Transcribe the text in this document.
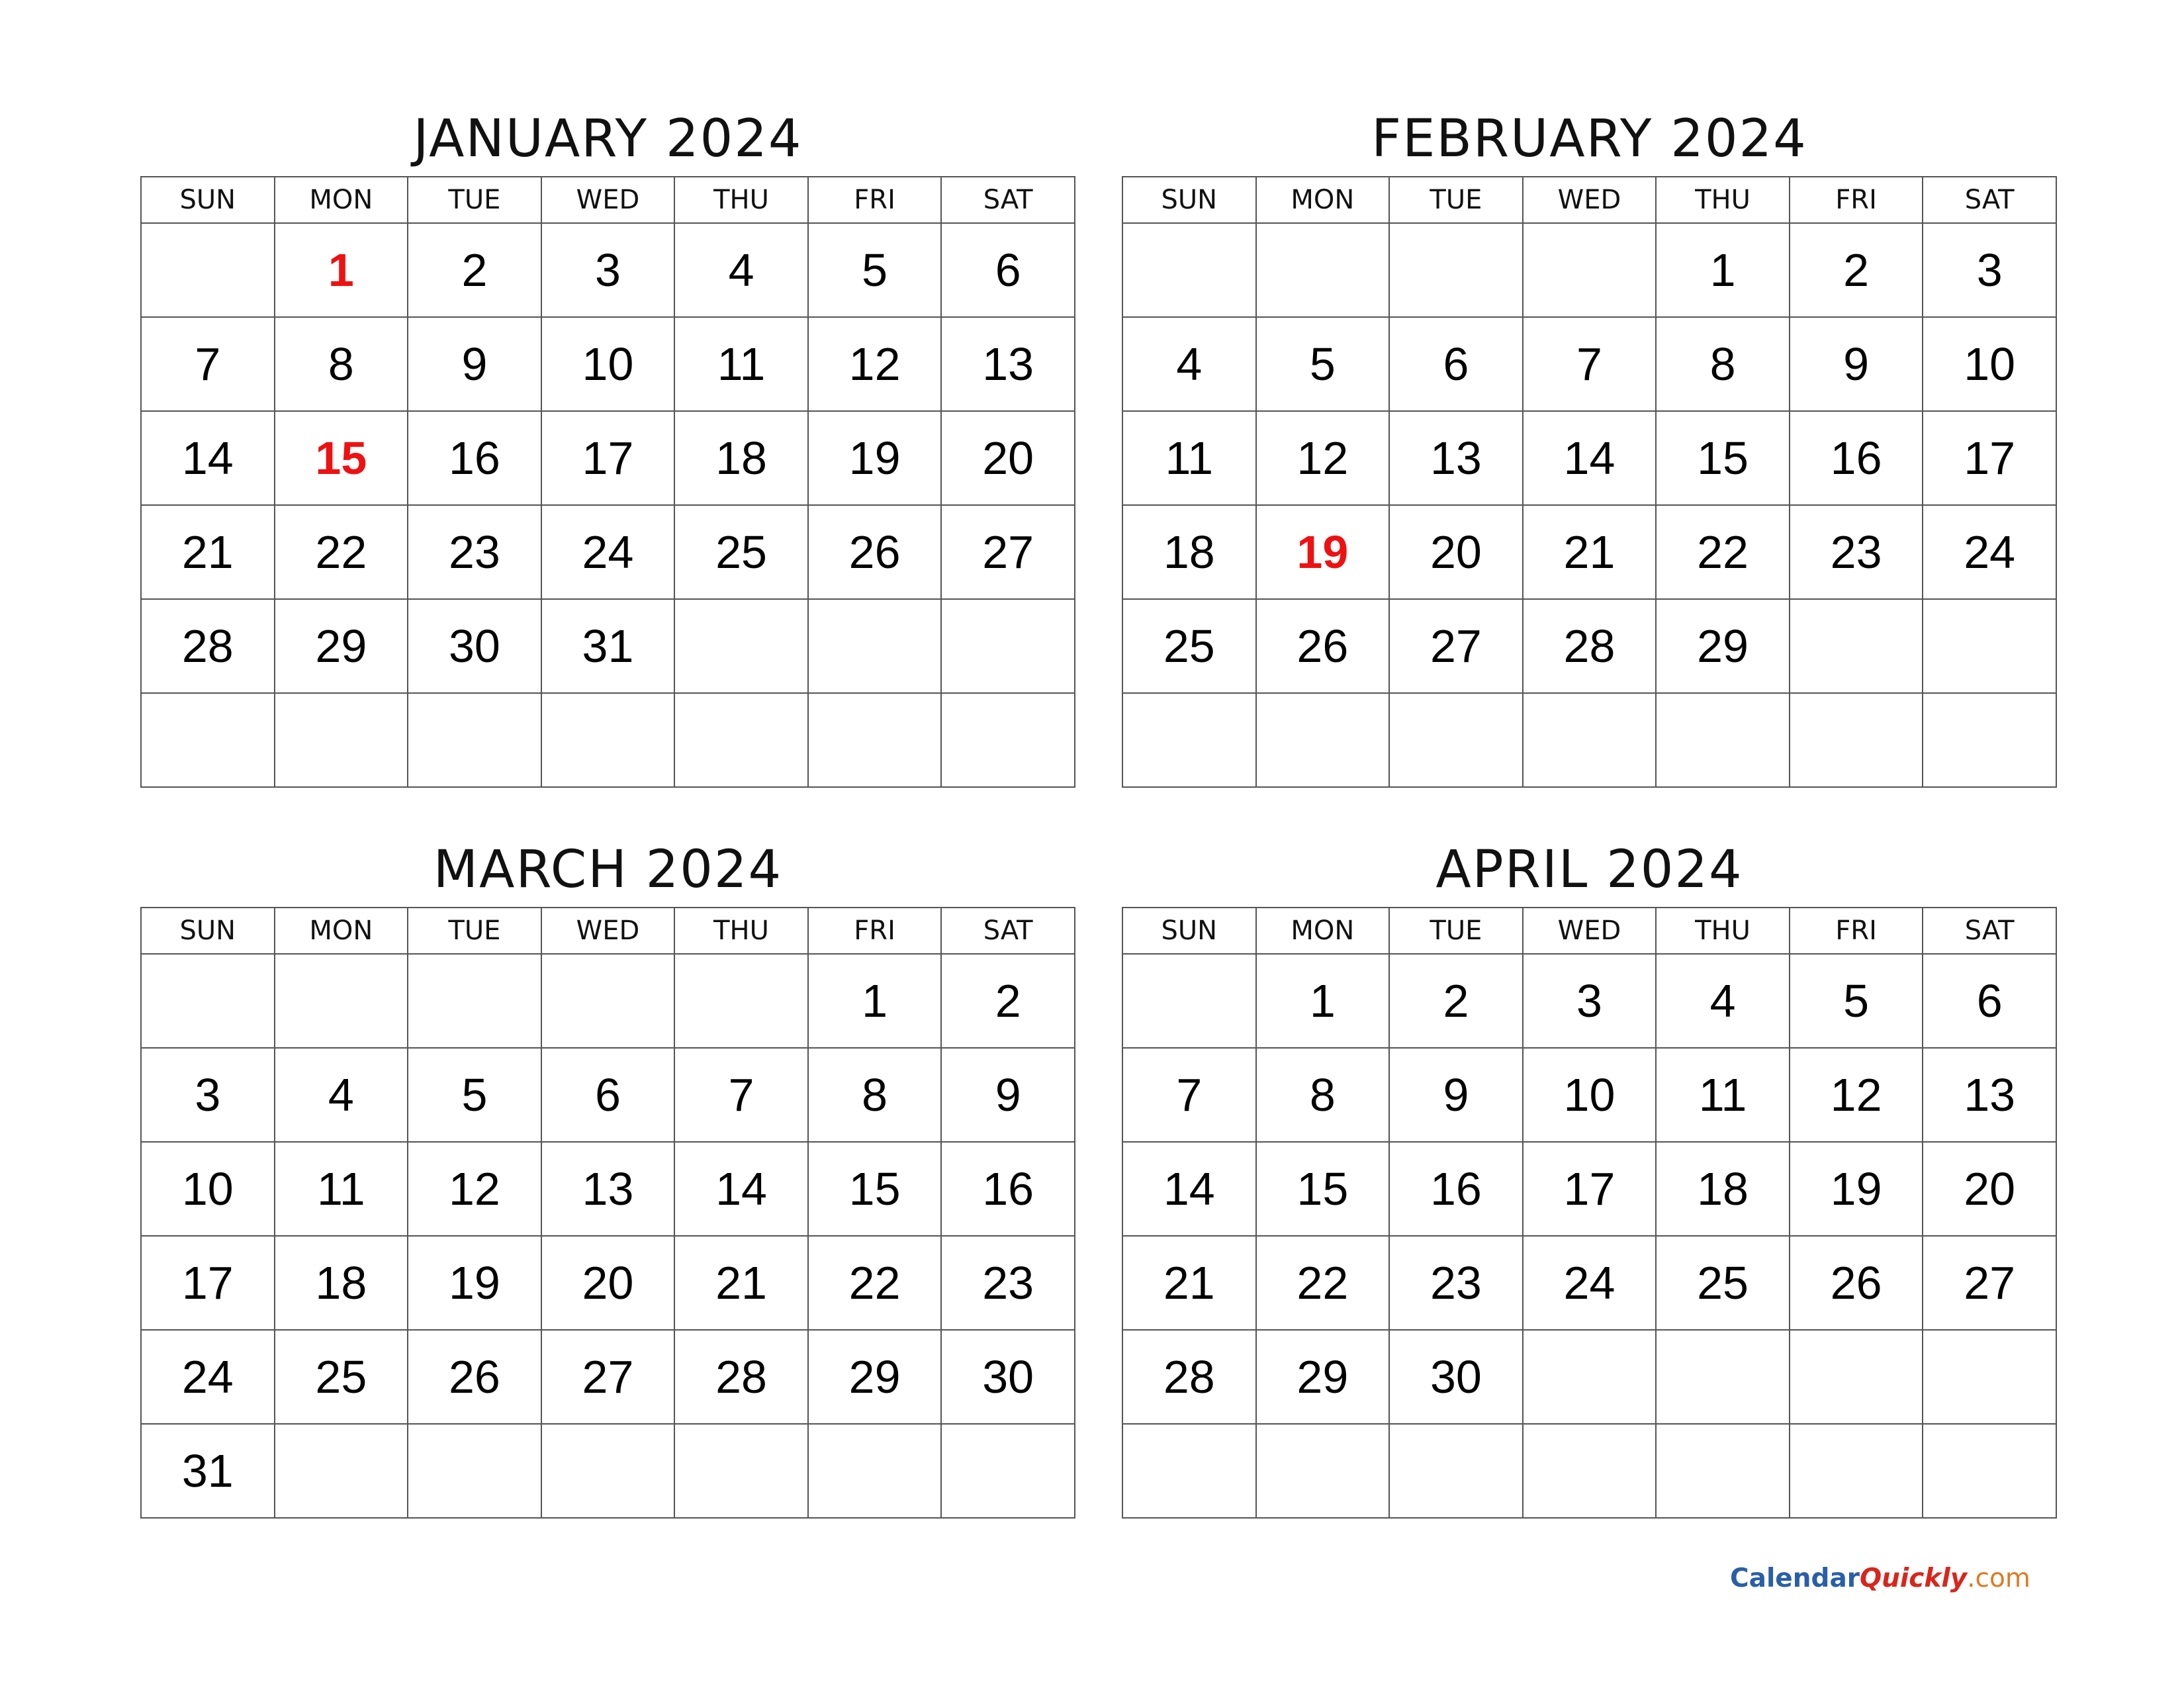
JANUARY 2024
SUN	MON	TUE	WED	THU	FRI	SAT
	1	2	3	4	5	6
7	8	9	10	11	12	13
14	15	16	17	18	19	20
21	22	23	24	25	26	27
28	29	30	31			

FEBRUARY 2024
SUN	MON	TUE	WED	THU	FRI	SAT
				1	2	3
4	5	6	7	8	9	10
11	12	13	14	15	16	17
18	19	20	21	22	23	24
25	26	27	28	29		

MARCH 2024
SUN	MON	TUE	WED	THU	FRI	SAT
					1	2
3	4	5	6	7	8	9
10	11	12	13	14	15	16
17	18	19	20	21	22	23
24	25	26	27	28	29	30
31						
APRIL 2024
SUN	MON	TUE	WED	THU	FRI	SAT
	1	2	3	4	5	6
7	8	9	10	11	12	13
14	15	16	17	18	19	20
21	22	23	24	25	26	27
28	29	30				

CalendarQuickly.com
